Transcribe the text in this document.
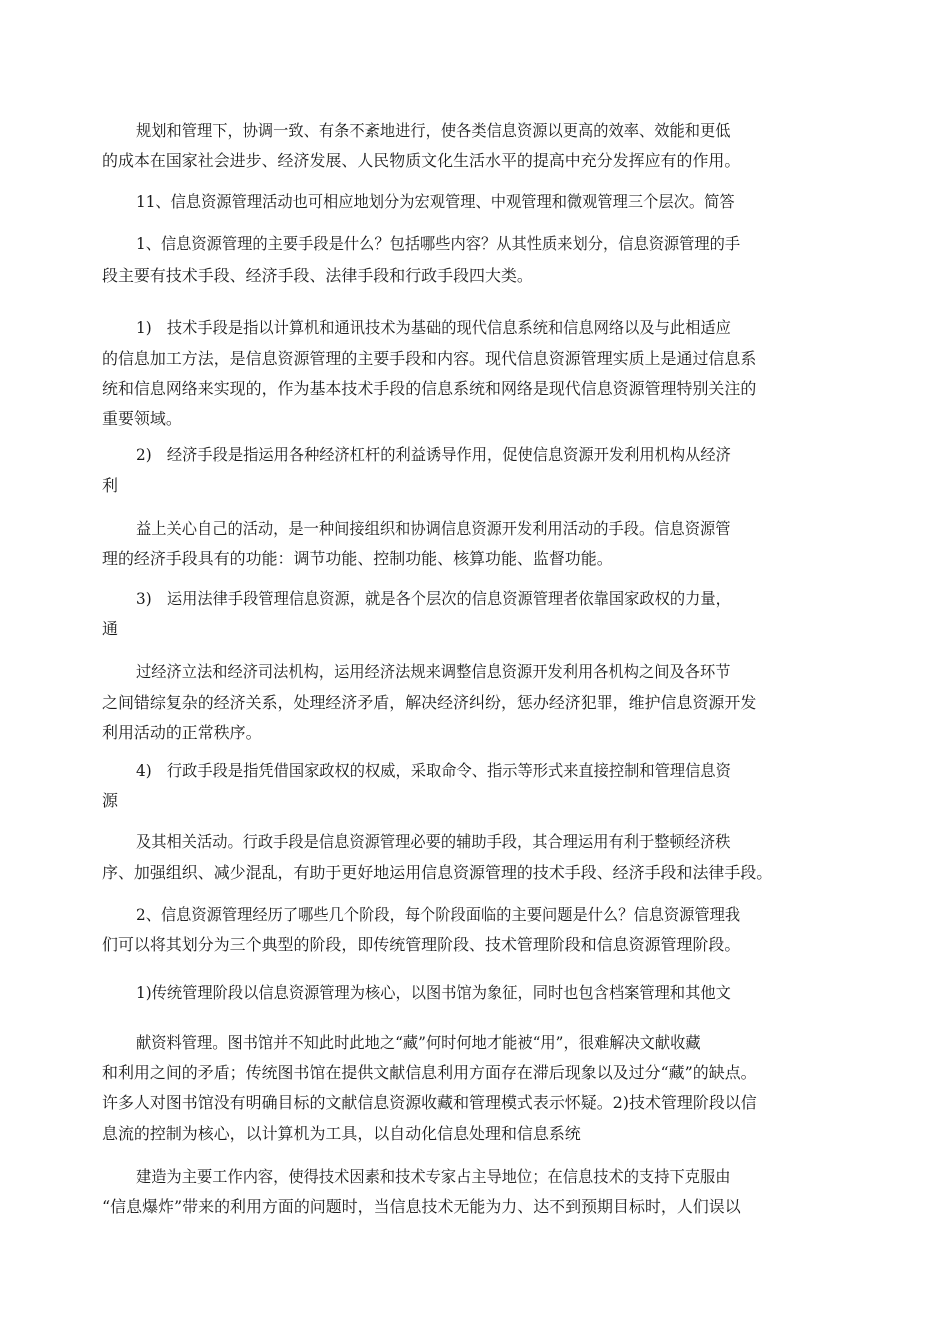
规划和管理下，协调一致、有条不紊地进行，使各类信息资源以更高的效率、效能和更低
的成本在国家社会进步、经济发展、人民物质文化生活水平的提高中充分发挥应有的作用。
11、信息资源管理活动也可相应地划分为宏观管理、中观管理和微观管理三个层次。简答
1、信息资源管理的主要手段是什么？包括哪些内容？从其性质来划分，信息资源管理的手
段主要有技术手段、经济手段、法律手段和行政手段四大类。
1)　技术手段是指以计算机和通讯技术为基础的现代信息系统和信息网络以及与此相适应
的信息加工方法，是信息资源管理的主要手段和内容。现代信息资源管理实质上是通过信息系
统和信息网络来实现的，作为基本技术手段的信息系统和网络是现代信息资源管理特别关注的
重要领域。
2)　经济手段是指运用各种经济杠杆的利益诱导作用，促使信息资源开发利用机构从经济
利
益上关心自己的活动，是一种间接组织和协调信息资源开发利用活动的手段。信息资源管
理的经济手段具有的功能：调节功能、控制功能、核算功能、监督功能。
3)　运用法律手段管理信息资源，就是各个层次的信息资源管理者依靠国家政权的力量，
通
过经济立法和经济司法机构，运用经济法规来调整信息资源开发利用各机构之间及各环节
之间错综复杂的经济关系，处理经济矛盾，解决经济纠纷，惩办经济犯罪，维护信息资源开发
利用活动的正常秩序。
4)　行政手段是指凭借国家政权的权威，采取命令、指示等形式来直接控制和管理信息资
源
及其相关活动。行政手段是信息资源管理必要的辅助手段，其合理运用有利于整顿经济秩
序、加强组织、减少混乱，有助于更好地运用信息资源管理的技术手段、经济手段和法律手段。
2、信息资源管理经历了哪些几个阶段，每个阶段面临的主要问题是什么？信息资源管理我
们可以将其划分为三个典型的阶段，即传统管理阶段、技术管理阶段和信息资源管理阶段。
1)传统管理阶段以信息资源管理为核心，以图书馆为象征，同时也包含档案管理和其他文
献资料管理。图书馆并不知此时此地之“藏”何时何地才能被“用”，很难解决文献收藏
和利用之间的矛盾；传统图书馆在提供文献信息利用方面存在滞后现象以及过分“藏”的缺点。
许多人对图书馆没有明确目标的文献信息资源收藏和管理模式表示怀疑。2)技术管理阶段以信
息流的控制为核心，以计算机为工具，以自动化信息处理和信息系统
建造为主要工作内容，使得技术因素和技术专家占主导地位；在信息技术的支持下克服由
“信息爆炸”带来的利用方面的问题时，当信息技术无能为力、达不到预期目标时，人们误以
